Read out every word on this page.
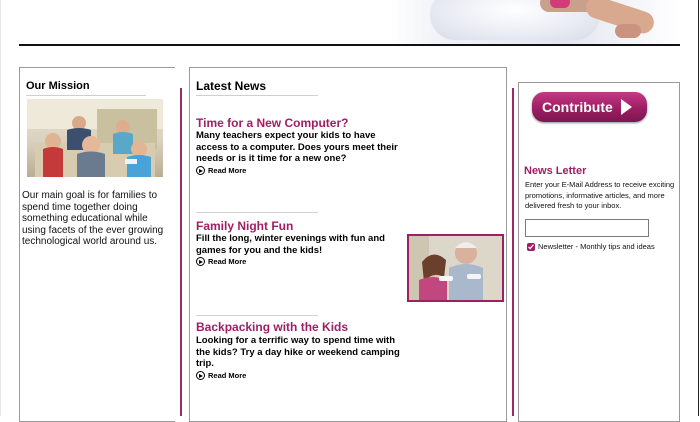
Our Mission
Our main goal is for families to spend time together doing something educational while using facets of the ever growing technological world around us.
Latest News
Time for a New Computer?
Many teachers expect your kids to have access to a computer. Does yours meet their needs or is it time for a new one?
Read More
Family Night Fun
Fill the long, winter evenings with fun and games for you and the kids!
Read More
Backpacking with the Kids
Looking for a terrific way to spend time with the kids? Try a day hike or weekend camping trip.
Read More
Contribute
News Letter
Enter your E-Mail Address to receive exciting promotions, informative articles, and more delivered fresh to your inbox.
Newsletter - Monthly tips and ideas
